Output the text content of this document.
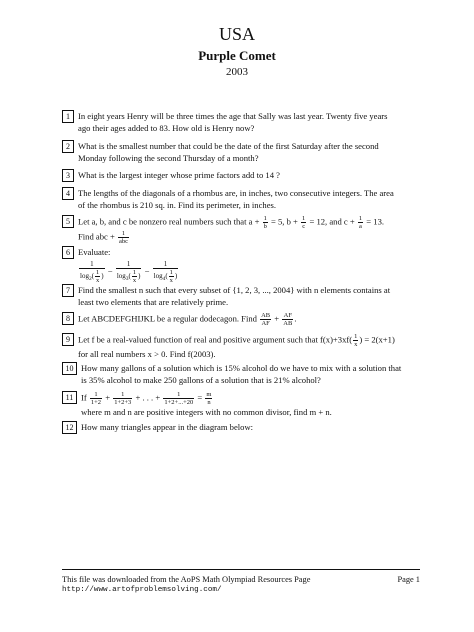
USA
Purple Comet
2003
1 In eight years Henry will be three times the age that Sally was last year. Twenty five years
ago their ages added to 83. How old is Henry now?
2 What is the smallest number that could be the date of the first Saturday after the second
Monday following the second Thursday of a month?
3 What is the largest integer whose prime factors add to 14 ?
4 The lengths of the diagonals of a rhombus are, in inches, two consecutive integers. The area
of the rhombus is 210 sq. in. Find its perimeter, in inches.
5 Let a, b, and c be nonzero real numbers such that $a + \frac{1}{b} = 5$, $b + \frac{1}{c} = 12$, and $c + \frac{1}{a} = 13$.
Find abc + $\frac{1}{\text{abc}}$
6 Evaluate:
$\frac{1}{\log_2( \frac{1}{x} )} - \frac{1}{\log_3( \frac{1}{x} )} - \frac{1}{\log_4( \frac{1}{x} )}$
7 Find the smallest n such that every subset of {1, 2, 3, ..., 2004} with n elements contains at
least two elements that are relatively prime.
8 Let ABCDEFGHIJKL be a regular dodecagon. Find $\frac{AB}{AF} + \frac{AF}{AB}$ .
9 Let f be a real-valued function of real and positive argument such that $f(x)+3xf( \frac{1}{x}$ ) = 2(x+1)
for all real numbers x > 0. Find f(2003).
10 How many gallons of a solution which is 15% alcohol do we have to mix with a solution that
is 35% alcohol to make 250 gallons of a solution that is 21% alcohol?
11 If $\frac{1}{1+2} + \frac{1}{1+2+3}$ + . . . + $\frac{1}{1+2+...+20} = \frac{m}{n}$
where m and n are positive integers with no common divisor, find m + n.
12 How many triangles appear in the diagram below:
This file was downloaded from the AoPS Math Olympiad Resources Page	Page 1
http://www.artofproblemsolving.com/
